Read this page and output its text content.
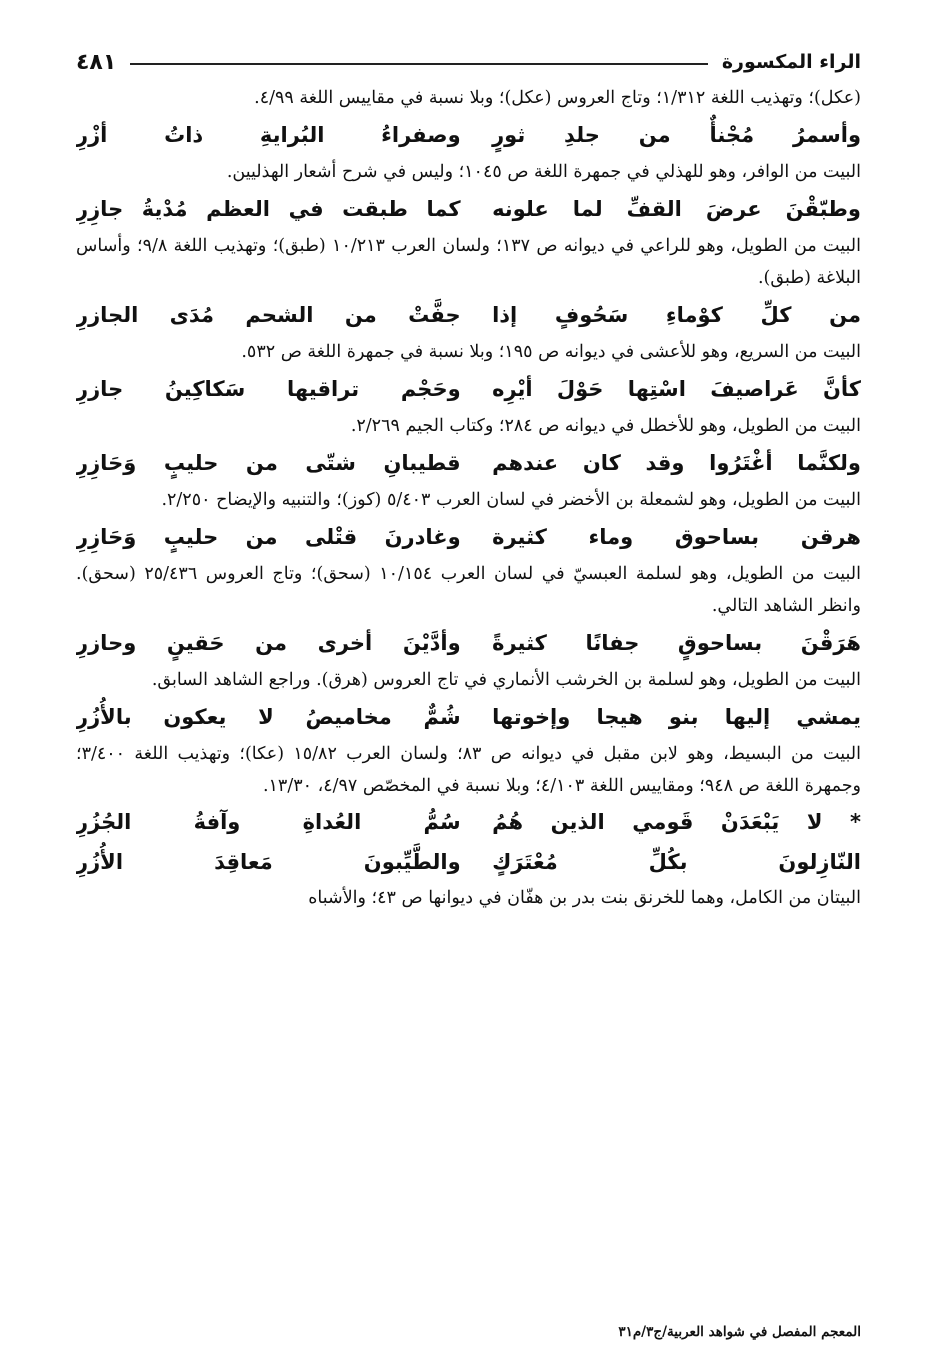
الراء المكسورة
٤٨١

(عكل)؛ وتهذيب اللغة ١/٣١٢؛ وتاج العروس (عكل)؛ وبلا نسبة في مقاييس اللغة ٤/٩٩.

وأسمرُ مُجْنأٌ من جلدِ ثورٍ
وصفراءُ البُرايةِ ذاتُ أزْرِ

البيت من الوافر، وهو للهذلي في جمهرة اللغة ص ١٠٤٥؛ وليس في شرح أشعار الهذليين.

وطبّقْنَ عرضَ القفِّ لما علونه
كما طبقت في العظم مُدْيةُ جازِرِ

البيت من الطويل، وهو للراعي في ديوانه ص ١٣٧؛ ولسان العرب ١٠/٢١٣ (طبق)؛ وتهذيب اللغة ٩/٨؛ وأساس البلاغة (طبق).

من كلِّ كوْماءِ سَحُوفٍ إذا
جفَّتْ من الشحم مُدَى الجازرِ

البيت من السريع، وهو للأعشى في ديوانه ص ١٩٥؛ وبلا نسبة في جمهرة اللغة ص ٥٣٢.

كأنَّ عَراصيفَ اسْتِها حَوْلَ أيْرِه
وحَجْم تراقيها سَكاكِينُ جازرِ

البيت من الطويل، وهو للأخطل في ديوانه ص ٢٨٤؛ وكتاب الجيم ٢/٢٦٩.

ولكنَّما أغْتَرُوا وقد كان عندهم
قطيبانِ شتّى من حليبٍ وَحَازِرِ

البيت من الطويل، وهو لشمعلة بن الأخضر في لسان العرب ٥/٤٠٣ (كوز)؛ والتنبيه والإيضاح ٢/٢٥٠.

هرقن بساحوق وماء كثيرة
وغادرنَ قتْلى من حليبٍ وَحَازِرِ

البيت من الطويل، وهو لسلمة العبسيّ في لسان العرب ١٠/١٥٤ (سحق)؛ وتاج العروس ٢٥/٤٣٦ (سحق). وانظر الشاهد التالي.

هَرَقْنَ بساحوقٍ جفانًا كثيرةً
وأدَّيْنَ أخرى من حَقينٍ وحازرِ

البيت من الطويل، وهو لسلمة بن الخرشب الأنماري في تاج العروس (هرق). وراجع الشاهد السابق.

يمشي إليها بنو هيجا وإخوتها
شُمٌّ مخاميصُ لا يعكون بالأُزُرِ

البيت من البسيط، وهو لابن مقبل في ديوانه ص ٨٣؛ ولسان العرب ١٥/٨٢ (عكا)؛ وتهذيب اللغة ٣/٤٠٠؛ وجمهرة اللغة ص ٩٤٨؛ ومقاييس اللغة ٤/١٠٣؛ وبلا نسبة في المخصّص ٤/٩٧، ١٣/٣٠.

* لا يَبْعَدَنْ قَومي الذين هُمُ
سُمُّ العُداةِ وآفةُ الجُزُرِ
النّازِلونَ بكُلِّ مُعْتَرَكٍ
والطَّيِّبونَ مَعاقِدَ الأُزُرِ

البيتان من الكامل، وهما للخرنق بنت بدر بن هفّان في ديوانها ص ٤٣؛ والأشباه

المعجم المفصل في شواهد العربية/ج٣/م٣١
